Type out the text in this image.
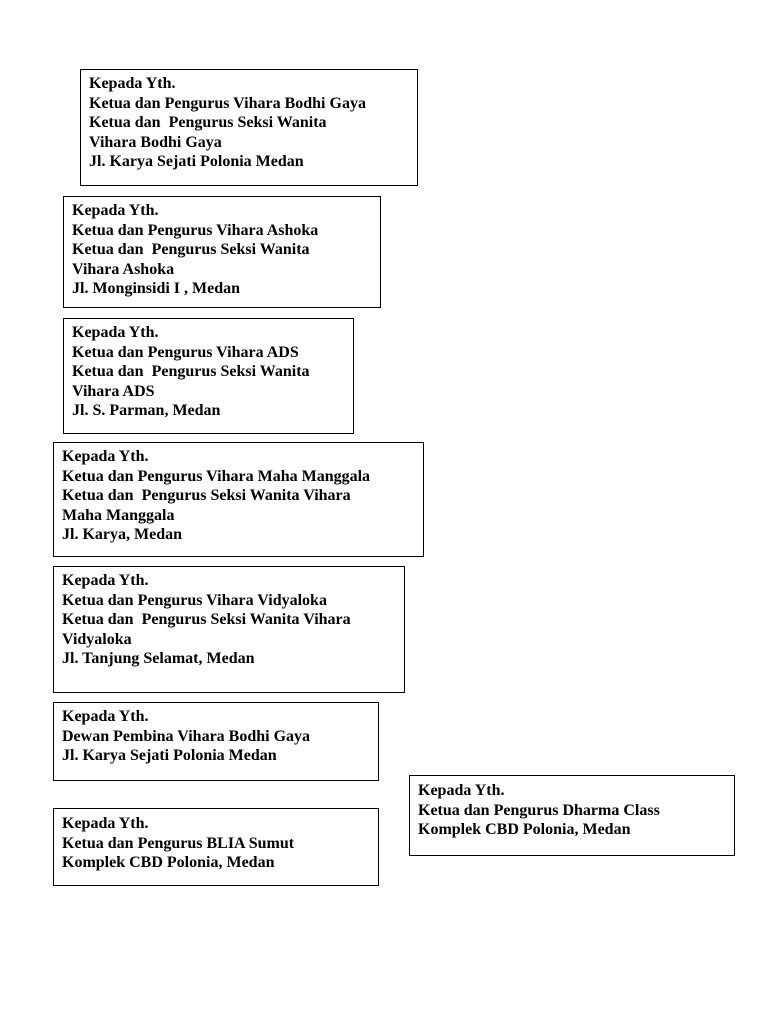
Kepada Yth.
Ketua dan Pengurus Vihara Bodhi Gaya
Ketua dan  Pengurus Seksi Wanita
Vihara Bodhi Gaya
Jl. Karya Sejati Polonia Medan
Kepada Yth.
Ketua dan Pengurus Vihara Ashoka
Ketua dan  Pengurus Seksi Wanita
Vihara Ashoka
Jl. Monginsidi I , Medan
Kepada Yth.
Ketua dan Pengurus Vihara ADS
Ketua dan  Pengurus Seksi Wanita
Vihara ADS
Jl. S. Parman, Medan
Kepada Yth.
Ketua dan Pengurus Vihara Maha Manggala
Ketua dan  Pengurus Seksi Wanita Vihara
Maha Manggala
Jl. Karya, Medan
Kepada Yth.
Ketua dan Pengurus Vihara Vidyaloka
Ketua dan  Pengurus Seksi Wanita Vihara
Vidyaloka
Jl. Tanjung Selamat, Medan
Kepada Yth.
Dewan Pembina Vihara Bodhi Gaya
Jl. Karya Sejati Polonia Medan
Kepada Yth.
Ketua dan Pengurus Dharma Class
Komplek CBD Polonia, Medan
Kepada Yth.
Ketua dan Pengurus BLIA Sumut
Komplek CBD Polonia, Medan
